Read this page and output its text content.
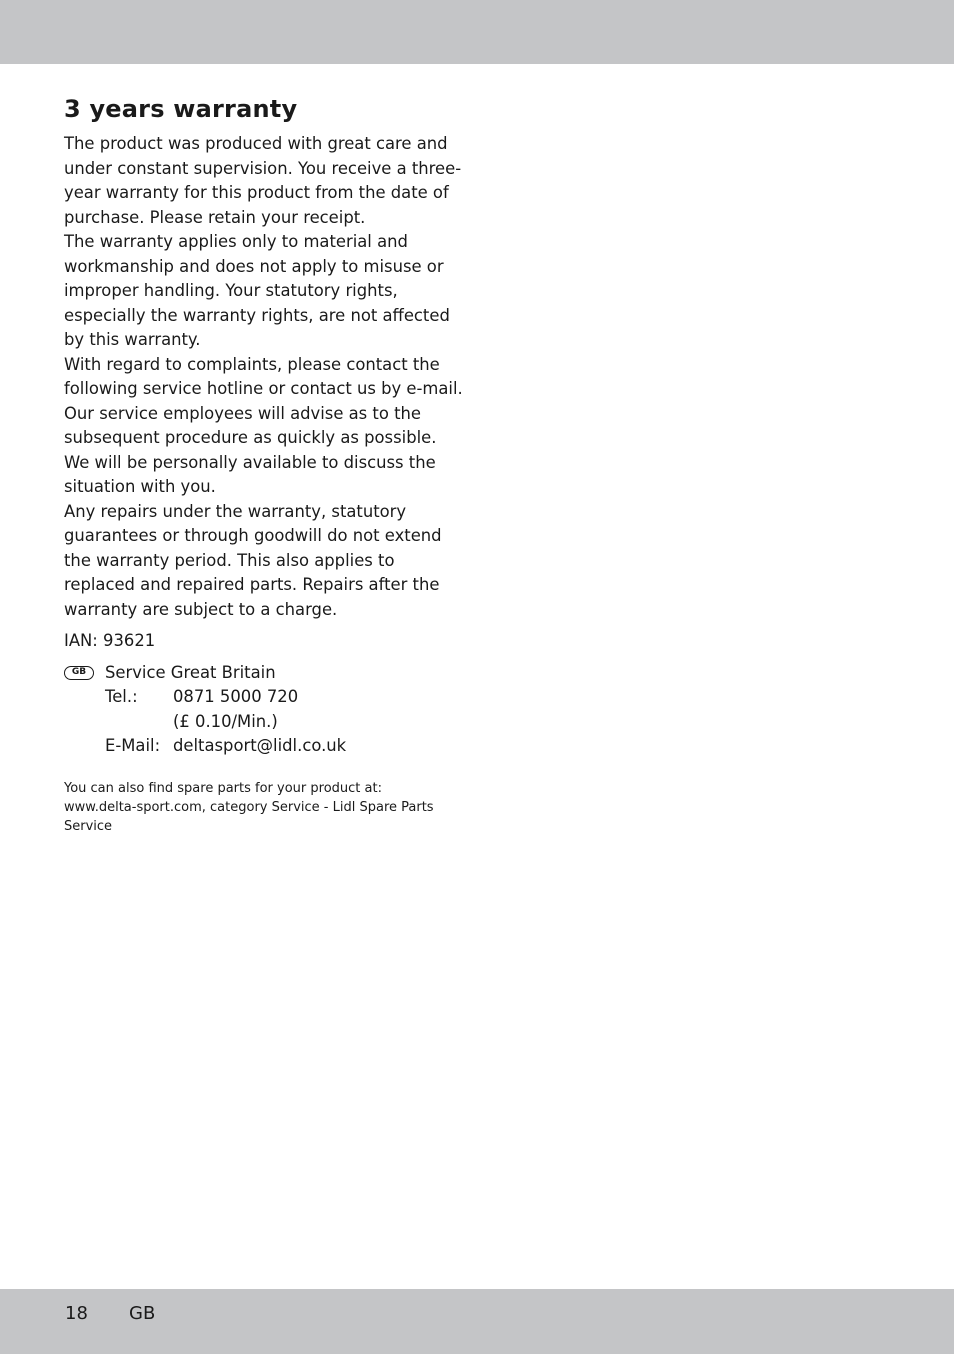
3 years warranty

The product was produced with great care and under constant supervision. You receive a three-year warranty for this product from the date of purchase. Please retain your receipt.

The warranty applies only to material and workmanship and does not apply to misuse or improper handling. Your statutory rights, especially the warranty rights, are not affected by this warranty.

With regard to complaints, please contact the following service hotline or contact us by e-mail. Our service employees will advise as to the subsequent procedure as quickly as possible. We will be personally available to discuss the situation with you.

Any repairs under the warranty, statutory guarantees or through goodwill do not extend the warranty period. This also applies to replaced and repaired parts. Repairs after the warranty are subject to a charge.

IAN: 93621
GB	Service Great Britain
Tel.:	0871 5000 720
(£ 0.10/Min.)
E-Mail: deltasport@lidl.co.uk
You can also find spare parts for your product at: www.delta-sport.com, category Service - Lidl Spare Parts Service
18 GB
